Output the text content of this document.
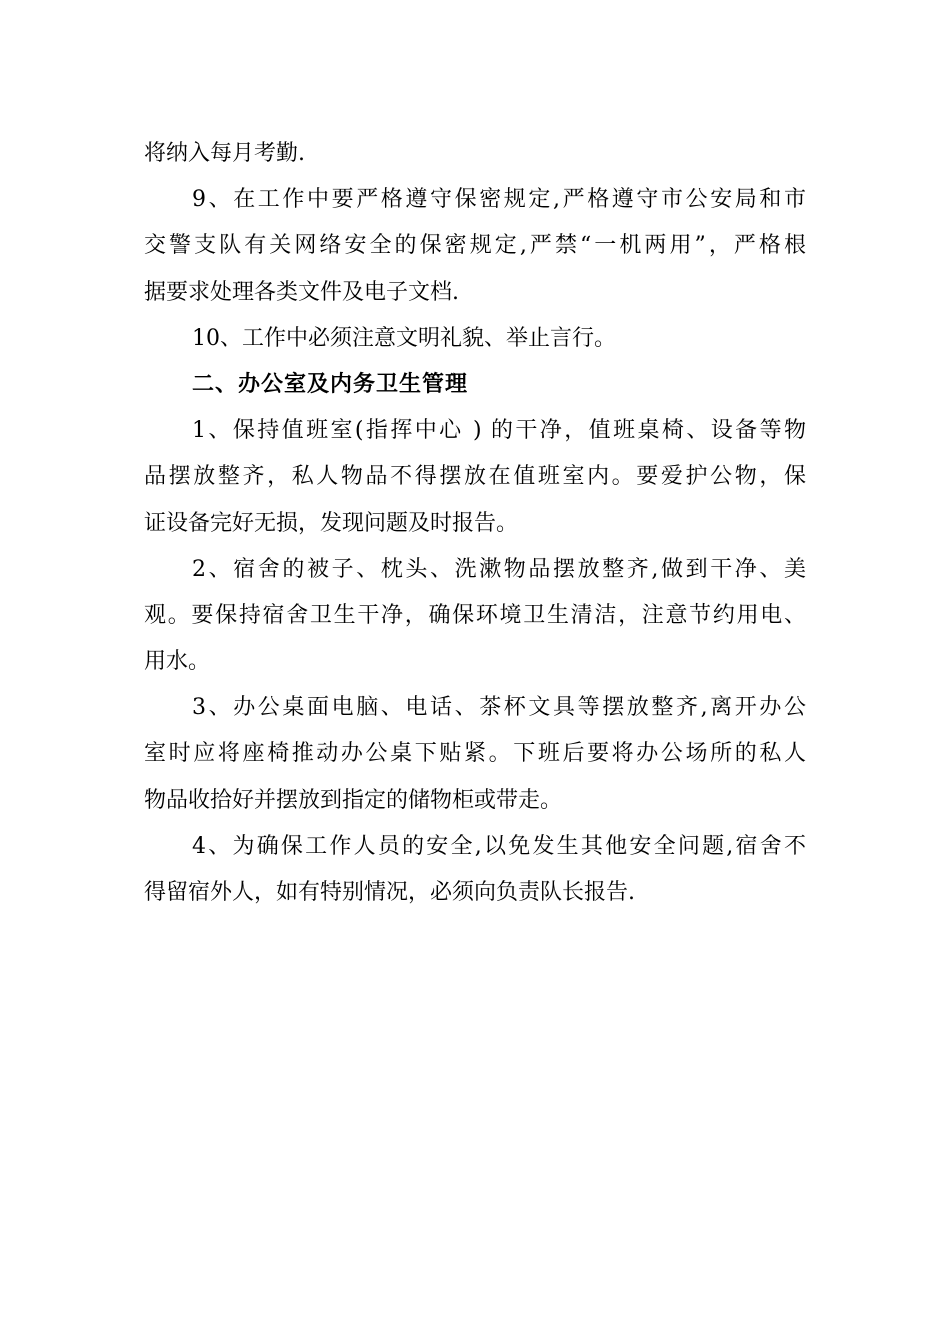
将纳入每月考勤.
9、在工作中要严格遵守保密规定,严格遵守市公安局和市
交警支队有关网络安全的保密规定,严禁“一机两用”，严格根
据要求处理各类文件及电子文档.
10、工作中必须注意文明礼貌、举止言行。
二、办公室及内务卫生管理
1、保持值班室(指挥中心 ) 的干净，值班桌椅、设备等物
品摆放整齐，私人物品不得摆放在值班室内。要爱护公物，保
证设备完好无损，发现问题及时报告。
2、宿舍的被子、枕头、洗漱物品摆放整齐,做到干净、美
观。要保持宿舍卫生干净，确保环境卫生清洁，注意节约用电、
用水。
3、办公桌面电脑、电话、茶杯文具等摆放整齐,离开办公
室时应将座椅推动办公桌下贴紧。下班后要将办公场所的私人
物品收拾好并摆放到指定的储物柜或带走。
4、为确保工作人员的安全,以免发生其他安全问题,宿舍不
得留宿外人，如有特别情况，必须向负责队长报告.
